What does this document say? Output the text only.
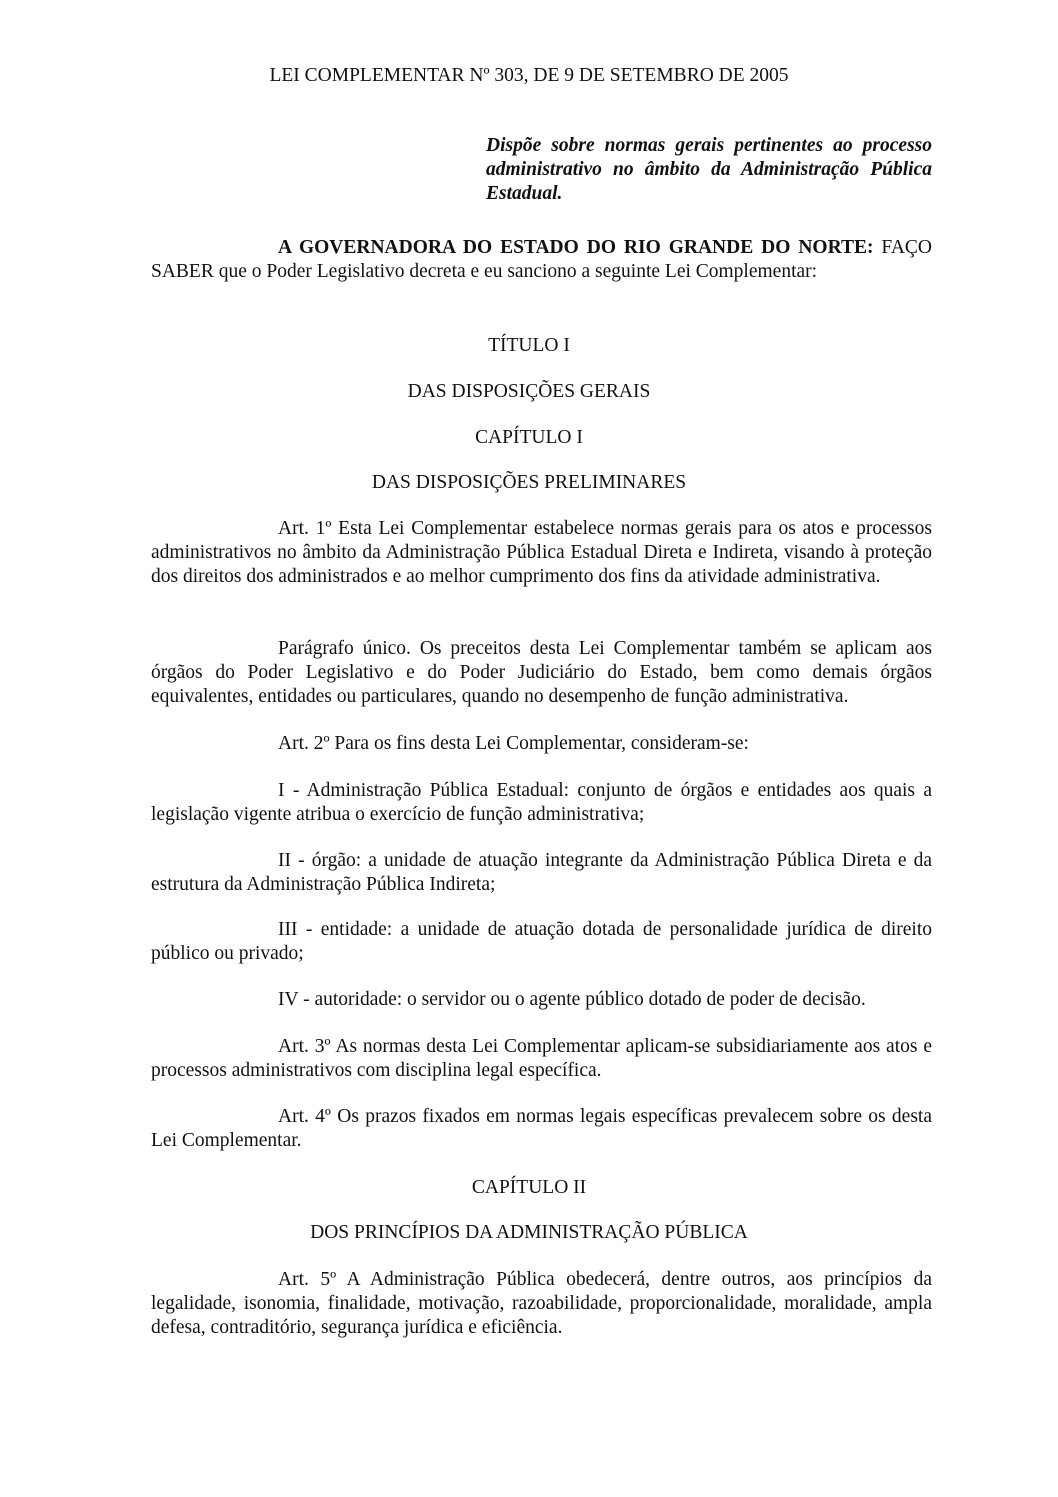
LEI COMPLEMENTAR Nº 303, DE 9 DE SETEMBRO DE 2005
Dispõe sobre normas gerais pertinentes ao processo administrativo no âmbito da Administração Pública Estadual.
A GOVERNADORA DO ESTADO DO RIO GRANDE DO NORTE: FAÇO SABER que o Poder Legislativo decreta e eu sanciono a seguinte Lei Complementar:
TÍTULO I
DAS DISPOSIÇÕES GERAIS
CAPÍTULO I
DAS DISPOSIÇÕES PRELIMINARES
Art. 1º Esta Lei Complementar estabelece normas gerais para os atos e processos administrativos no âmbito da Administração Pública Estadual Direta e Indireta, visando à proteção dos direitos dos administrados e ao melhor cumprimento dos fins da atividade administrativa.
Parágrafo único. Os preceitos desta Lei Complementar também se aplicam aos órgãos do Poder Legislativo e do Poder Judiciário do Estado, bem como demais órgãos equivalentes, entidades ou particulares, quando no desempenho de função administrativa.
Art. 2º Para os fins desta Lei Complementar, consideram-se:
I - Administração Pública Estadual: conjunto de órgãos e entidades aos quais a legislação vigente atribua o exercício de função administrativa;
II - órgão: a unidade de atuação integrante da Administração Pública Direta e da estrutura da Administração Pública Indireta;
III - entidade: a unidade de atuação dotada de personalidade jurídica de direito público ou privado;
IV - autoridade: o servidor ou o agente público dotado de poder de decisão.
Art. 3º As normas desta Lei Complementar aplicam-se subsidiariamente aos atos e processos administrativos com disciplina legal específica.
Art. 4º Os prazos fixados em normas legais específicas prevalecem sobre os desta Lei Complementar.
CAPÍTULO II
DOS PRINCÍPIOS DA ADMINISTRAÇÃO PÚBLICA
Art. 5º A Administração Pública obedecerá, dentre outros, aos princípios da legalidade, isonomia, finalidade, motivação, razoabilidade, proporcionalidade, moralidade, ampla defesa, contraditório, segurança jurídica e eficiência.
